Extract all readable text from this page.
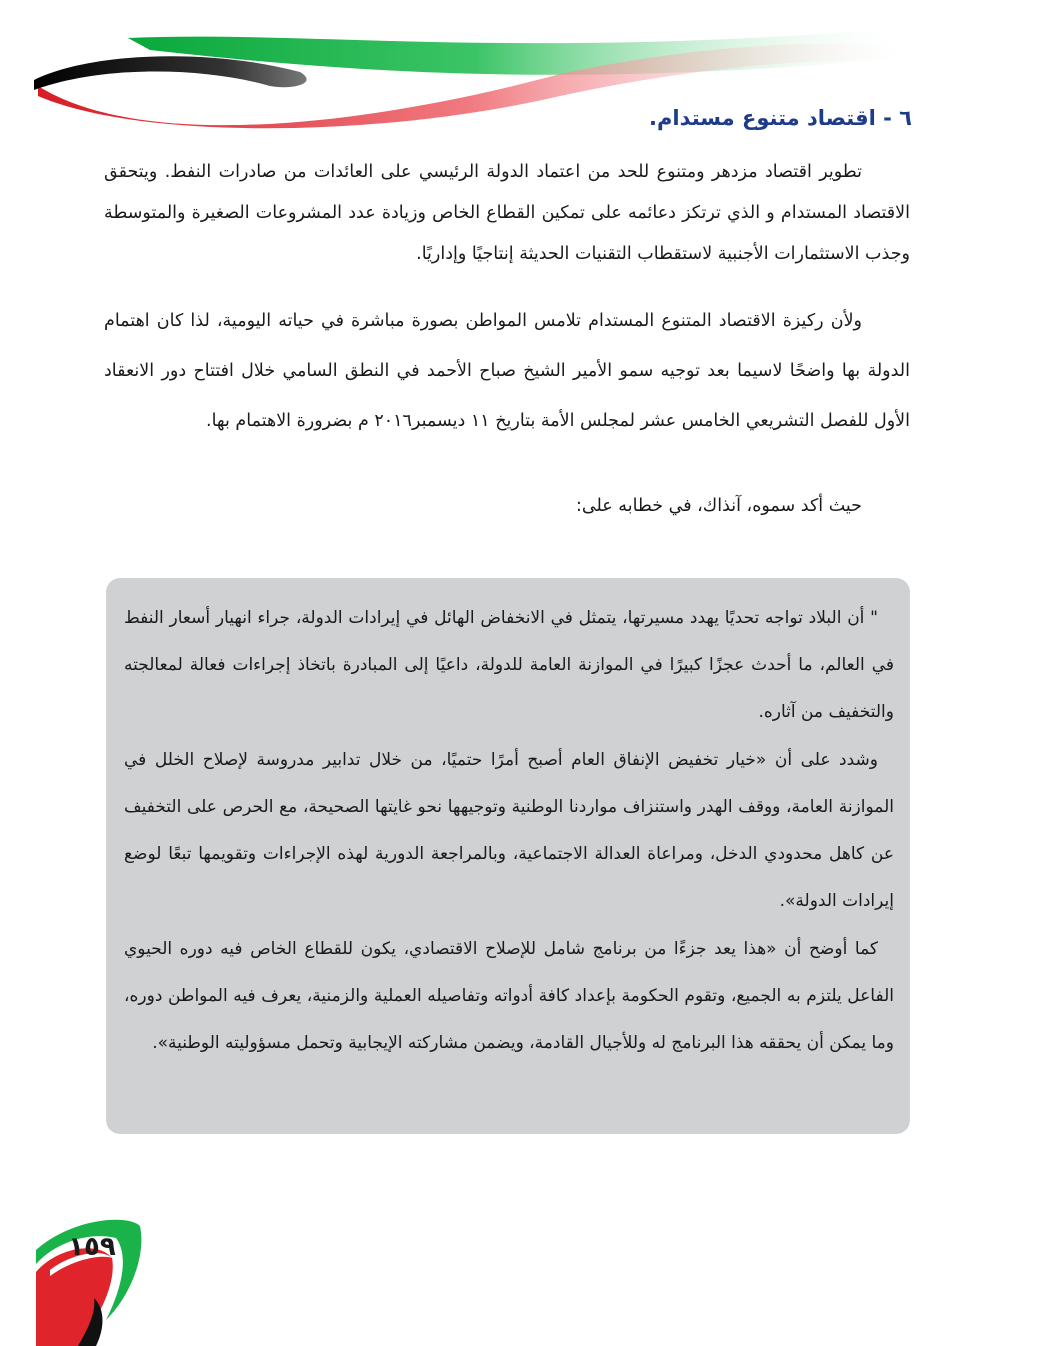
٦ - اقتصاد متنوع مستدام.

تطوير اقتصاد مزدهر ومتنوع للحد من اعتماد الدولة الرئيسي على العائدات من صادرات النفط. ويتحقق الاقتصاد المستدام و الذي ترتكز دعائمه على تمكين القطاع الخاص وزيادة عدد المشروعات الصغيرة والمتوسطة وجذب الاستثمارات الأجنبية لاستقطاب التقنيات الحديثة إنتاجيًا وإداريًا.

ولأن ركيزة الاقتصاد المتنوع المستدام تلامس المواطن بصورة مباشرة في حياته اليومية، لذا كان اهتمام الدولة بها واضحًا لاسيما بعد توجيه سمو الأمير الشيخ صباح الأحمد في النطق السامي خلال افتتاح دور الانعقاد الأول للفصل التشريعي الخامس عشر لمجلس الأمة بتاريخ ١١ ديسمبر٢٠١٦ م بضرورة الاهتمام بها.

حيث أكد سموه، آنذاك، في خطابه على:

" أن البلاد تواجه تحديًا يهدد مسيرتها، يتمثل في الانخفاض الهائل في إيرادات الدولة، جراء انهيار أسعار النفط في العالم، ما أحدث عجزًا كبيرًا في الموازنة العامة للدولة، داعيًا إلى المبادرة باتخاذ إجراءات فعالة لمعالجته والتخفيف من آثاره.

وشدد على أن «خيار تخفيض الإنفاق العام أصبح أمرًا حتميًا، من خلال تدابير مدروسة لإصلاح الخلل في الموازنة العامة، ووقف الهدر واستنزاف مواردنا الوطنية وتوجيهها نحو غايتها الصحيحة، مع الحرص على التخفيف عن كاهل محدودي الدخل، ومراعاة العدالة الاجتماعية، وبالمراجعة الدورية لهذه الإجراءات وتقويمها تبعًا لوضع إيرادات الدولة».

كما أوضح أن «هذا يعد جزءًا من برنامج شامل للإصلاح الاقتصادي، يكون للقطاع الخاص فيه دوره الحيوي الفاعل يلتزم به الجميع، وتقوم الحكومة بإعداد كافة أدواته وتفاصيله العملية والزمنية، يعرف فيه المواطن دوره، وما يمكن أن يحققه هذا البرنامج له وللأجيال القادمة، ويضمن مشاركته الإيجابية وتحمل مسؤوليته الوطنية».

١٥٩
